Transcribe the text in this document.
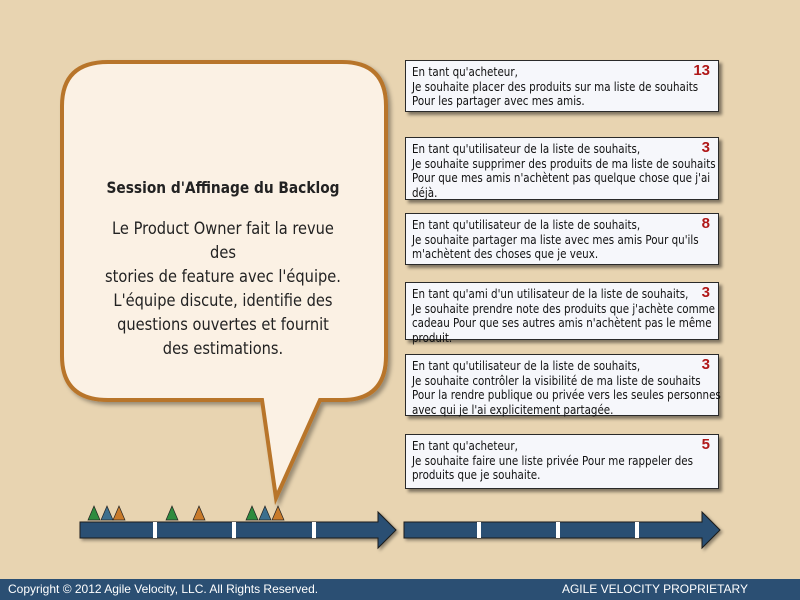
Session d'Affinage du Backlog
Le Product Owner fait la revue des
stories de feature avec l'équipe.
L'équipe discute, identifie des
questions ouvertes et fournit
des estimations.
En tant qu'acheteur,
Je souhaite placer des produits sur ma liste de souhaits
Pour les partager avec mes amis.
13
En tant qu'utilisateur de la liste de souhaits,
Je souhaite supprimer des produits de ma liste de souhaits
Pour que mes amis n'achètent pas quelque chose que j'ai
déjà.
3
En tant qu'utilisateur de la liste de souhaits,
Je souhaite partager ma liste avec mes amis Pour qu'ils
m'achètent des choses que je veux.
8
En tant qu'ami d'un utilisateur de la liste de souhaits,
Je souhaite prendre note des produits que j'achète comme
cadeau Pour que ses autres amis n'achètent pas le même
produit.
3
En tant qu'utilisateur de la liste de souhaits,
Je souhaite contrôler la visibilité de ma liste de souhaits
Pour la rendre publique ou privée vers les seules personnes
avec qui je l'ai explicitement partagée.
3
En tant qu'acheteur,
Je souhaite faire une liste privée Pour me rappeler des
produits que je souhaite.
5
Copyright © 2012 Agile Velocity, LLC. All Rights Reserved.	AGILE VELOCITY PROPRIETARY
